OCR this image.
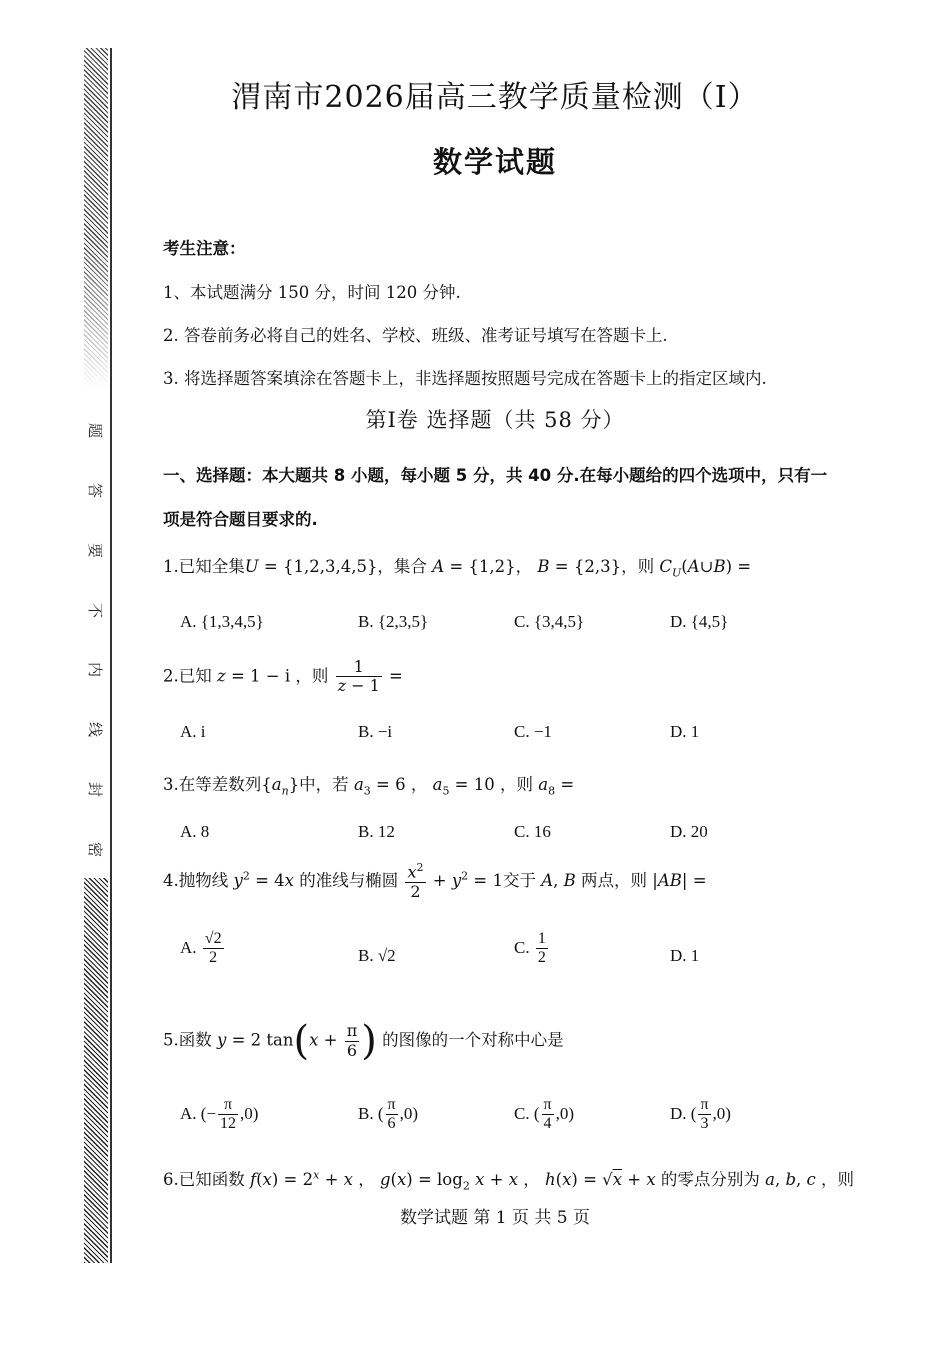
题
答
要
不
内
线
封
密
渭南市2026届高三教学质量检测（Ⅰ）
数学试题
考生注意：
1、本试题满分 150 分，时间 120 分钟.
2. 答卷前务必将自己的姓名、学校、班级、准考证号填写在答题卡上.
3. 将选择题答案填涂在答题卡上，非选择题按照题号完成在答题卡上的指定区域内.
第Ⅰ卷 选择题（共 58 分）
一、选择题：本大题共 8 小题，每小题 5 分，共 40 分.在每小题给的四个选项中，只有一
项是符合题目要求的.
1.已知全集U = {1,2,3,4,5}，集合 A = {1,2}， B = {2,3}，则 $C_U(A\cup B)$ =
A. {1,3,4,5}	B. {2,3,5}	C. {3,4,5}	D. {4,5}
2.已知 z = 1 − i ，则 $\frac{1}{z - 1}$ =
A. i	B. −i	C. −1	D. 1
3.在等差数列$\{a_n\}$中，若 $a_3 = 6$ ， $a_5 = 10$ ，则 $a_8$ =
A. 8	B. 12	C. 16	D. 20
4.抛物线 $y^2 = 4x$ 的准线与椭圆 $\frac{x^2}{2} + y^2 = 1$交于 A, B 两点，则 |AB| =
A. $\frac{√2}{2}$	B. √2	C. $\frac{1}{2}$	D. 1
5.函数 y = 2 $\tan(x + \frac{\pi}{6}$ ) 的图像的一个对称中心是
A. (− $\frac{\pi}{12} ,0$)	B. ( $\frac{\pi}{6} ,0$)	C. ( $\frac{\pi}{4} ,0$)	D. ( $\frac{\pi}{3} ,0$)
6.已知函数 $f(x) = 2^x + x$ ， $g(x) = \log_2 x + x$ ， h(x) = √x + x 的零点分别为 a, b, c ，则
数学试题 第 1 页 共 5 页
